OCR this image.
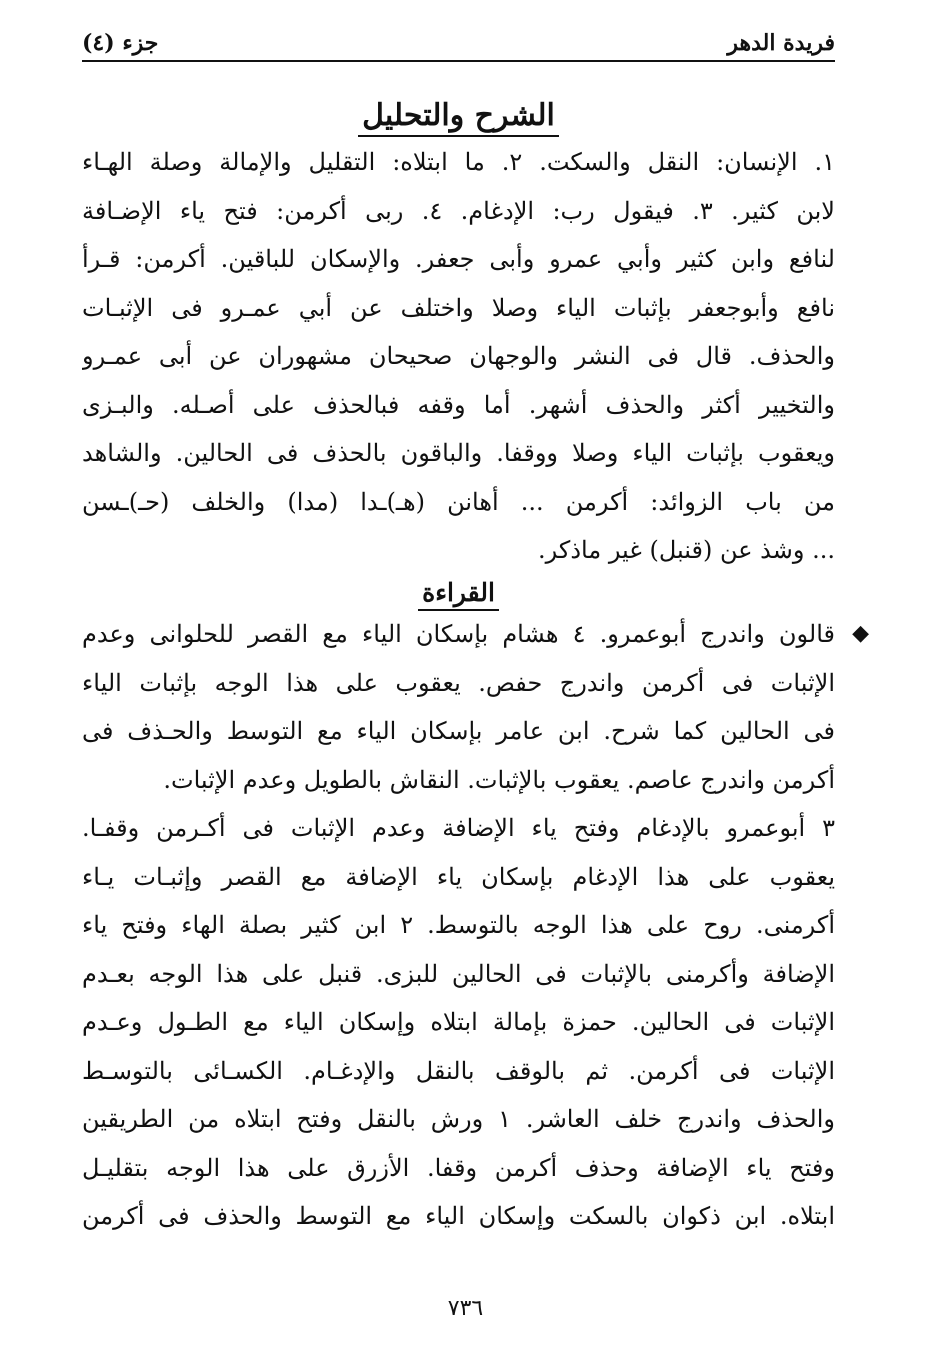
فريدة الدهر
جزء (٤)
الشرح والتحليل
١. الإنسان: النقل والسكت. ٢. ما ابتلاه: التقليل والإمالة وصلة الهـاء
لابن كثير. ٣. فيقول رب: الإدغام. ٤. ربى أكرمن: فتح ياء الإضـافة
لنافع وابن كثير وأبي عمرو وأبى جعفر. والإسكان للباقين. أكرمن: قـرأ
نافع وأبوجعفر بإثبات الياء وصلا واختلف عن أبي عمـرو فى الإثبـات
والحذف. قال فى النشر والوجهان صحيحان مشهوران عن أبى عمـرو
والتخيير أكثر والحذف أشهر. أما وقفه فبالحذف على أصـله. والبـزى
ويعقوب بإثبات الياء وصلا ووقفا. والباقون بالحذف فى الحالين. والشاهد
من باب الزوائد: أكرمن ... أهانن (هـ)ـدا (مدا) والخلف (حـ)ـسن
... وشذ عن (قنبل) غير ماذكر.
القراءة
◆
قالون واندرج أبوعمرو. ٤ هشام بإسكان الياء مع القصر للحلوانى وعدم
الإثبات فى أكرمن واندرج حفص. يعقوب على هذا الوجه بإثبات الياء
فى الحالين كما شرح. ابن عامر بإسكان الياء مع التوسط والحـذف فى
أكرمن واندرج عاصم. يعقوب بالإثبات. النقاش بالطويل وعدم الإثبات.
٣ أبوعمرو بالإدغام وفتح ياء الإضافة وعدم الإثبات فى أكـرمن وقفـا.
يعقوب على هذا الإدغام بإسكان ياء الإضافة مع القصر وإثبـات يـاء
أكرمنى. روح على هذا الوجه بالتوسط. ٢ ابن كثير بصلة الهاء وفتح ياء
الإضافة وأكرمنى بالإثبات فى الحالين للبزى. قنبل على هذا الوجه بعـدم
الإثبات فى الحالين. حمزة بإمالة ابتلاه وإسكان الياء مع الطـول وعـدم
الإثبات فى أكرمن. ثم بالوقف بالنقل والإدغـام. الكسـائى بالتوسـط
والحذف واندرج خلف العاشر. ١ ورش بالنقل وفتح ابتلاه من الطريقين
وفتح ياء الإضافة وحذف أكرمن وقفا. الأزرق على هذا الوجه بتقليـل
ابتلاه. ابن ذكوان بالسكت وإسكان الياء مع التوسط والحذف فى أكرمن
٧٣٦
